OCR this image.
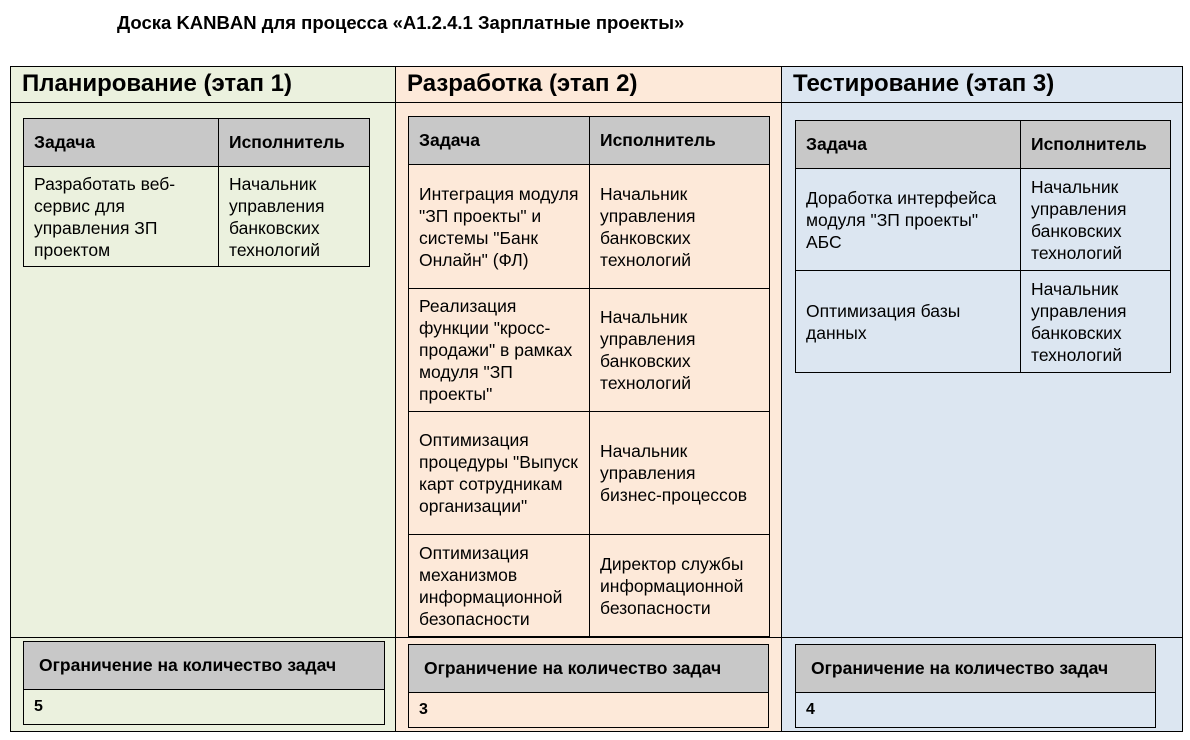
Доска KANBAN для процесса «А1.2.4.1 Зарплатные проекты»
Планирование (этап 1)
Задача	Исполнитель
Разработать веб-сервис для управления ЗП проектом	Начальник управления банковских технологий
Ограничение на количество задач
5
Разработка (этап 2)
Задача	Исполнитель
Интеграция модуля "ЗП проекты" и системы "Банк Онлайн" (ФЛ)	Начальник управления банковских технологий
Реализация функции "кросс-продажи" в рамках модуля "ЗП проекты"	Начальник управления банковских технологий
Оптимизация процедуры "Выпуск карт сотрудникам организации"	Начальник управления бизнес-процессов
Оптимизация механизмов информационной безопасности	Директор службы информационной безопасности
Ограничение на количество задач
3
Тестирование (этап 3)
Задача	Исполнитель
Доработка интерфейса модуля "ЗП проекты" АБС	Начальник управления банковских технологий
Оптимизация базы данных	Начальник управления банковских технологий
Ограничение на количество задач
4
